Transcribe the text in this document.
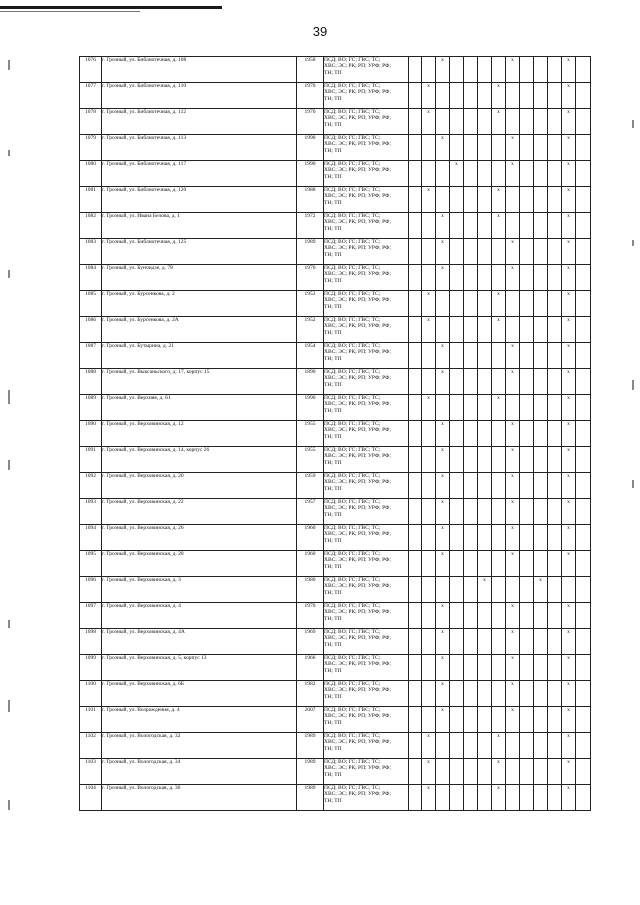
39
1076	г. Грозный, ул. Библиотечная, д. 108	1958	ПСД; ВО; ГС; ГВС; ТС;
ХВС; ЭС; РК; РП; УРФ; РФ;
ТН; ТП			x					x				x	
1077	г. Грозный, ул. Библиотечная, д. 110	1970	ПСД; ВО; ГС; ГВС; ТС;
ХВС; ЭС; РК; РП; УРФ; РФ;
ТН; ТП		x					x					x	
1078	г. Грозный, ул. Библиотечная, д. 112	1970	ПСД; ВО; ГС; ГВС; ТС;
ХВС; ЭС; РК; РП; УРФ; РФ;
ТН; ТП		x					x					x	
1079	г. Грозный, ул. Библиотечная, д. 113	1990	ПСД; ВО; ГС; ГВС; ТС;
ХВС; ЭС; РК; РП; УРФ; РФ;
ТН; ТП			x					x				x	
1080	г. Грозный, ул. Библиотечная, д. 117	1990	ПСД; ВО; ГС; ГВС; ТС;
ХВС; ЭС; РК; РП; УРФ; РФ;
ТН; ТП				x				x				x	
1081	г. Грозный, ул. Библиотечная, д. 120	1988	ПСД; ВО; ГС; ГВС; ТС;
ХВС; ЭС; РК; РП; УРФ; РФ;
ТН; ТП		x					x					x	
1082	г. Грозный, ул. Ивана Белова, д. 1	1972	ПСД; ВО; ГС; ГВС; ТС;
ХВС; ЭС; РК; РП; УРФ; РФ;
ТН; ТП			x				x					x	
1083	г. Грозный, ул. Библиотечная, д. 125	1989	ПСД; ВО; ГС; ГВС; ТС;
ХВС; ЭС; РК; РП; УРФ; РФ;
ТН; ТП			x					x				x	
1084	г. Грозный, ул. Бунчидзе, д. 78	1970	ПСД; ВО; ГС; ГВС; ТС;
ХВС; ЭС; РК; РП; УРФ; РФ;
ТН; ТП			x					x				x	
1085	г. Грозный, ул. Бурсенкова, д. 2	1953	ПСД; ВО; ГС; ГВС; ТС;
ХВС; ЭС; РК; РП; УРФ; РФ;
ТН; ТП		x					x					x	
1086	г. Грозный, ул. Бурсенкова, д. 2А	1952	ПСД; ВО; ГС; ГВС; ТС;
ХВС; ЭС; РК; РП; УРФ; РФ;
ТН; ТП		x					x					x	
1087	г. Грозный, ул. Бутырина, д. 21	1954	ПСД; ВО; ГС; ГВС; ТС;
ХВС; ЭС; РК; РП; УРФ; РФ;
ТН; ТП			x					x				x	
1088	г. Грозный, ул. Выксаньского, д. 17, корпус 15	1890	ПСД; ВО; ГС; ГВС; ТС;
ХВС; ЭС; РК; РП; УРФ; РФ;
ТН; ТП			x					x				x	
1089	г. Грозный, ул. Верхняя, д. 61	1990	ПСД; ВО; ГС; ГВС; ТС;
ХВС; ЭС; РК; РП; УРФ; РФ;
ТН; ТП		x					x					x	
1090	г. Грозный, ул. Верховинская, д. 12	1955	ПСД; ВО; ГС; ГВС; ТС;
ХВС; ЭС; РК; РП; УРФ; РФ;
ТН; ТП			x					x				x	
1091	г. Грозный, ул. Верховинская, д. 14, корпус 26	1955	ПСД; ВО; ГС; ГВС; ТС;
ХВС; ЭС; РК; РП; УРФ; РФ;
ТН; ТП			x					x				x	
1092	г. Грозный, ул. Верховинская, д. 20	1959	ПСД; ВО; ГС; ГВС; ТС;
ХВС; ЭС; РК; РП; УРФ; РФ;
ТН; ТП			x					x				x	
1093	г. Грозный, ул. Верховинская, д. 22	1957	ПСД; ВО; ГС; ГВС; ТС;
ХВС; ЭС; РК; РП; УРФ; РФ;
ТН; ТП			x					x				x	
1094	г. Грозный, ул. Верховинская, д. 26	1960	ПСД; ВО; ГС; ГВС; ТС;
ХВС; ЭС; РК; РП; УРФ; РФ;
ТН; ТП			x					x				x	
1095	г. Грозный, ул. Верховинская, д. 28	1960	ПСД; ВО; ГС; ГВС; ТС;
ХВС; ЭС; РК; РП; УРФ; РФ;
ТН; ТП			x					x				x	
1096	г. Грозный, ул. Верховинская, д. 3	1980	ПСД; ВО; ГС; ГВС; ТС;
ХВС; ЭС; РК; РП; УРФ; РФ;
ТН; ТП						x				x			
1097	г. Грозный, ул. Верховинская, д. 4	1970	ПСД; ВО; ГС; ГВС; ТС;
ХВС; ЭС; РК; РП; УРФ; РФ;
ТН; ТП			x					x				x	
1098	г. Грозный, ул. Верховинская, д. 4А	1969	ПСД; ВО; ГС; ГВС; ТС;
ХВС; ЭС; РК; РП; УРФ; РФ;
ТН; ТП			x					x				x	
1099	г. Грозный, ул. Верховинская, д. 5, корпус 13	1966	ПСД; ВО; ГС; ГВС; ТС;
ХВС; ЭС; РК; РП; УРФ; РФ;
ТН; ТП			x					x				x	
1100	г. Грозный, ул. Верховинская, д. 6Б	1982	ПСД; ВО; ГС; ГВС; ТС;
ХВС; ЭС; РК; РП; УРФ; РФ;
ТН; ТП			x					x				x	
1101	г. Грозный, ул. Возрождения, д. 4	2007	ПСД; ВО; ГС; ГВС; ТС;
ХВС; ЭС; РК; РП; УРФ; РФ;
ТН; ТП			x					x				x	
1102	г. Грозный, ул. Вологодская, д. 32	1989	ПСД; ВО; ГС; ГВС; ТС;
ХВС; ЭС; РК; РП; УРФ; РФ;
ТН; ТП		x					x					x	
1103	г. Грозный, ул. Вологодская, д. 34	1989	ПСД; ВО; ГС; ГВС; ТС;
ХВС; ЭС; РК; РП; УРФ; РФ;
ТН; ТП		x					x					x	
1104	г. Грозный, ул. Вологодская, д. 36	1989	ПСД; ВО; ГС; ГВС; ТС;
ХВС; ЭС; РК; РП; УРФ; РФ;
ТН; ТП		x					x					x	
